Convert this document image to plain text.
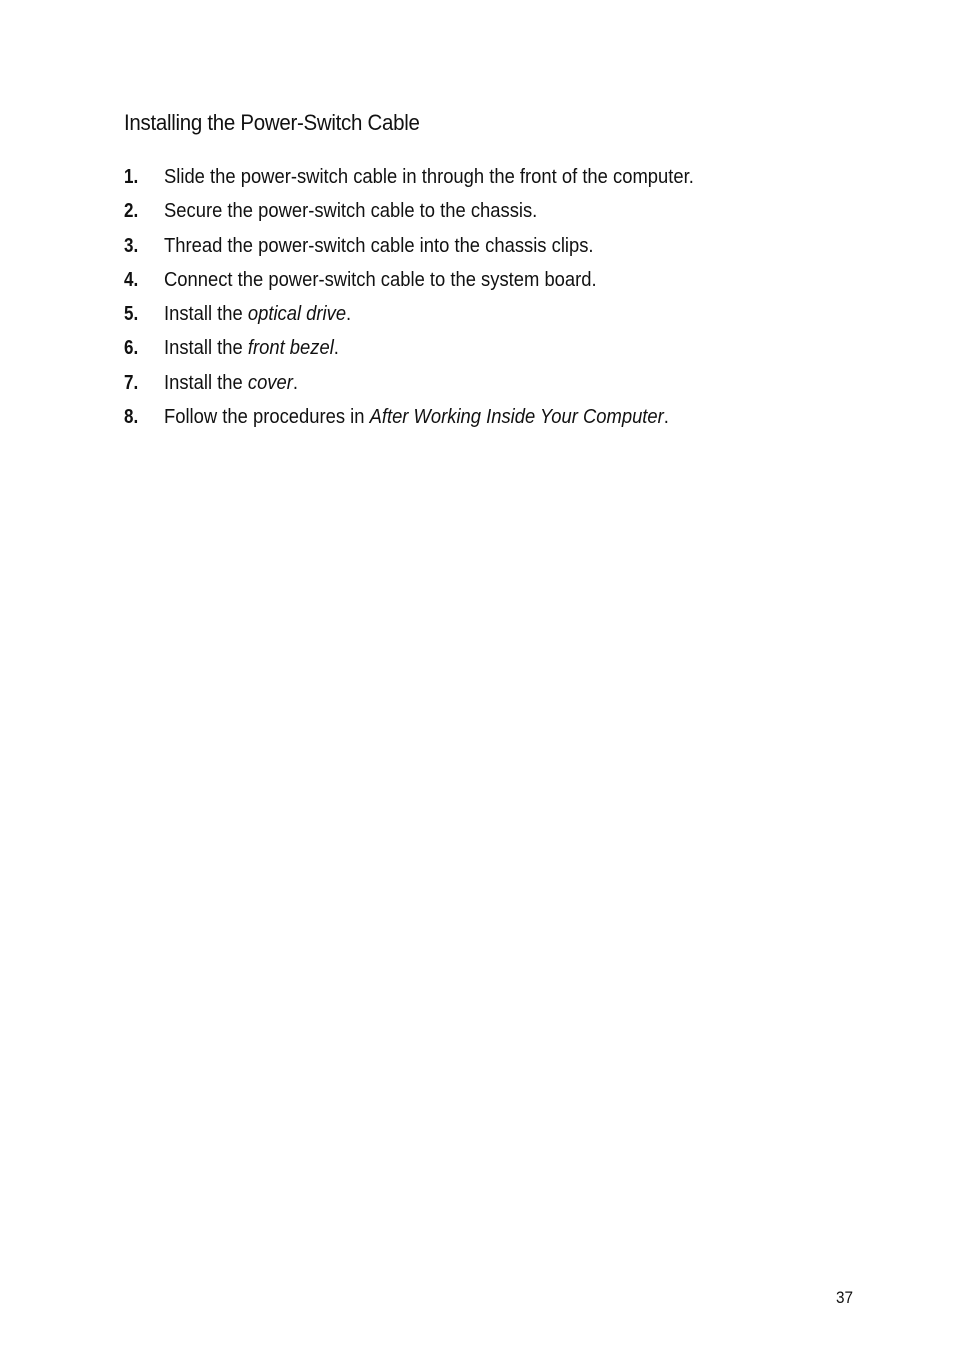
Installing the Power-Switch Cable
1. Slide the power-switch cable in through the front of the computer.
2. Secure the power-switch cable to the chassis.
3. Thread the power-switch cable into the chassis clips.
4. Connect the power-switch cable to the system board.
5. Install the optical drive.
6. Install the front bezel.
7. Install the cover.
8. Follow the procedures in After Working Inside Your Computer.
37
